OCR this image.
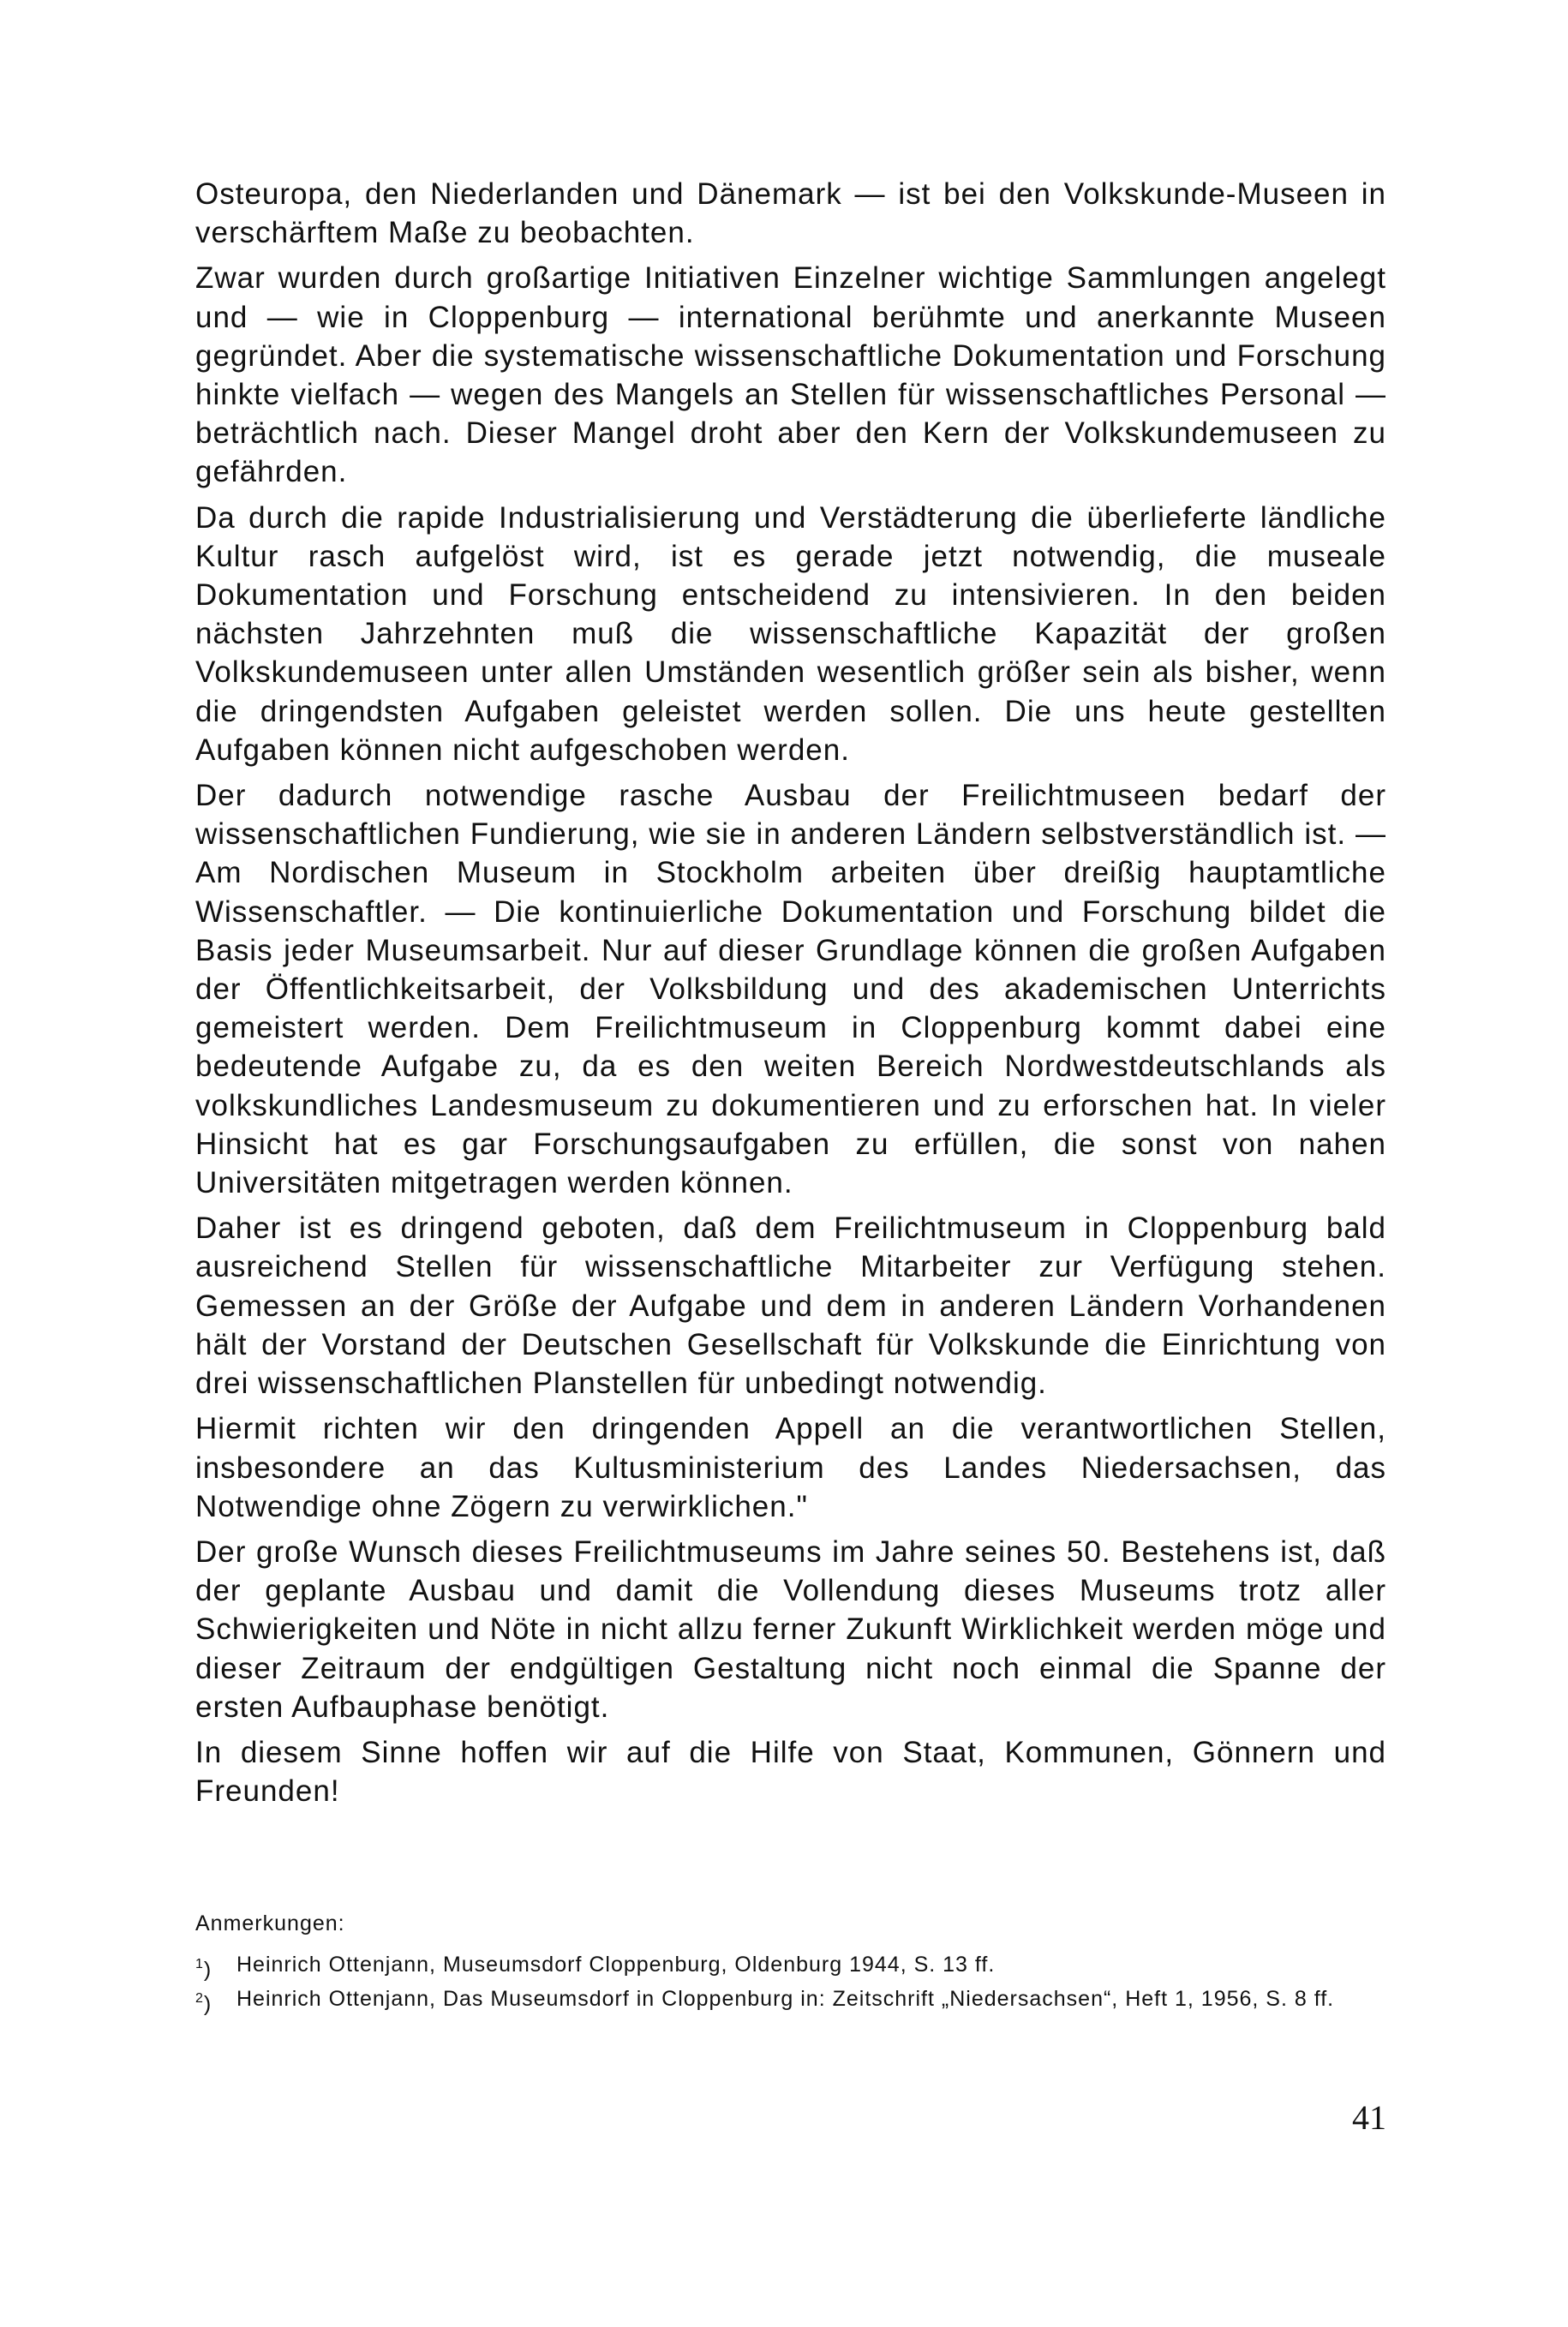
Osteuropa, den Niederlanden und Dänemark — ist bei den Volkskunde-Museen in verschärftem Maße zu beobachten.

Zwar wurden durch großartige Initiativen Einzelner wichtige Sammlungen angelegt und — wie in Cloppenburg — international berühmte und anerkannte Museen gegründet. Aber die systematische wissenschaftliche Dokumentation und Forschung hinkte vielfach — wegen des Mangels an Stellen für wissenschaftliches Personal — beträchtlich nach. Dieser Mangel droht aber den Kern der Volkskundemuseen zu gefährden.

Da durch die rapide Industrialisierung und Verstädterung die überlieferte ländliche Kultur rasch aufgelöst wird, ist es gerade jetzt notwendig, die museale Dokumentation und Forschung entscheidend zu intensivieren. In den beiden nächsten Jahrzehnten muß die wissenschaftliche Kapazität der großen Volkskundemuseen unter allen Umständen wesentlich größer sein als bisher, wenn die dringendsten Aufgaben geleistet werden sollen. Die uns heute gestellten Aufgaben können nicht aufgeschoben werden.

Der dadurch notwendige rasche Ausbau der Freilichtmuseen bedarf der wissenschaftlichen Fundierung, wie sie in anderen Ländern selbstverständlich ist. — Am Nordischen Museum in Stockholm arbeiten über dreißig hauptamtliche Wissenschaftler. — Die kontinuierliche Dokumentation und Forschung bildet die Basis jeder Museumsarbeit. Nur auf dieser Grundlage können die großen Aufgaben der Öffentlichkeitsarbeit, der Volksbildung und des akademischen Unterrichts gemeistert werden. Dem Freilichtmuseum in Cloppenburg kommt dabei eine bedeutende Aufgabe zu, da es den weiten Bereich Nordwestdeutschlands als volkskundliches Landesmuseum zu dokumentieren und zu erforschen hat. In vieler Hinsicht hat es gar Forschungsaufgaben zu erfüllen, die sonst von nahen Universitäten mitgetragen werden können.

Daher ist es dringend geboten, daß dem Freilichtmuseum in Cloppenburg bald ausreichend Stellen für wissenschaftliche Mitarbeiter zur Verfügung stehen. Gemessen an der Größe der Aufgabe und dem in anderen Ländern Vorhandenen hält der Vorstand der Deutschen Gesellschaft für Volkskunde die Einrichtung von drei wissenschaftlichen Planstellen für unbedingt notwendig.

Hiermit richten wir den dringenden Appell an die verantwortlichen Stellen, insbesondere an das Kultusministerium des Landes Niedersachsen, das Notwendige ohne Zögern zu verwirklichen."

Der große Wunsch dieses Freilichtmuseums im Jahre seines 50. Bestehens ist, daß der geplante Ausbau und damit die Vollendung dieses Museums trotz aller Schwierigkeiten und Nöte in nicht allzu ferner Zukunft Wirklichkeit werden möge und dieser Zeitraum der endgültigen Gestaltung nicht noch einmal die Spanne der ersten Aufbauphase benötigt.

In diesem Sinne hoffen wir auf die Hilfe von Staat, Kommunen, Gönnern und Freunden!

Anmerkungen:

$^1$)	Heinrich Ottenjann, Museumsdorf Cloppenburg, Oldenburg 1944, S. 13 ff.
$^2$)	Heinrich Ottenjann, Das Museumsdorf in Cloppenburg in: Zeitschrift „Niedersachsen“, Heft 1, 1956, S. 8 ff.
41
